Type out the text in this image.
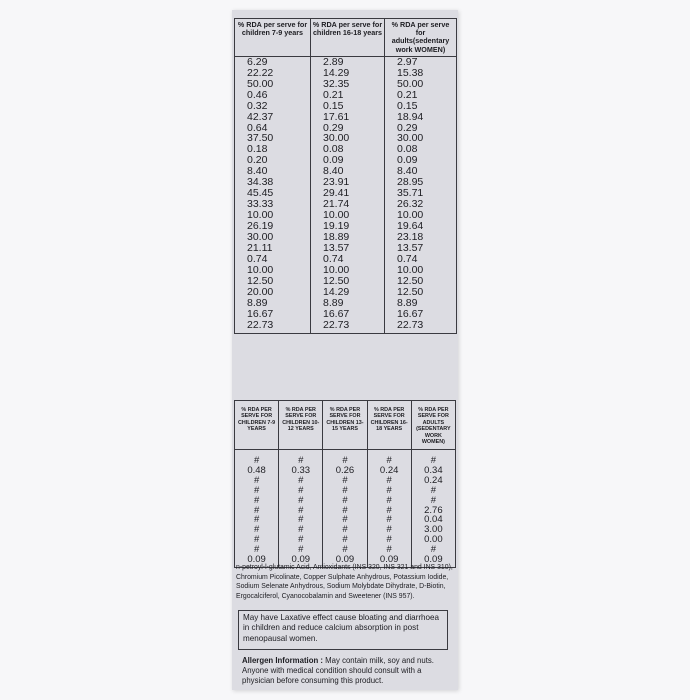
% RDA per serve for children 7-9 years	% RDA per serve for children 16-18 years	% RDA per serve for adults(sedentary work WOMEN)
6.29	2.89	2.97
22.22	14.29	15.38
50.00	32.35	50.00
0.46	0.21	0.21
0.32	0.15	0.15
42.37	17.61	18.94
0.64	0.29	0.29
37.50	30.00	30.00
0.18	0.08	0.08
0.20	0.09	0.09
8.40	8.40	8.40
34.38	23.91	28.95
45.45	29.41	35.71
33.33	21.74	26.32
10.00	10.00	10.00
26.19	19.19	19.64
30.00	18.89	23.18
21.11	13.57	13.57
0.74	0.74	0.74
10.00	10.00	10.00
12.50	12.50	12.50
20.00	14.29	12.50
8.89	8.89	8.89
16.67	16.67	16.67
22.73	22.73	22.73
% RDA PER SERVE FOR CHILDREN 7-9 YEARS	% RDA PER SERVE FOR CHILDREN 10-12 YEARS	% RDA PER SERVE FOR CHILDREN 13-15 YEARS	% RDA PER SERVE FOR CHILDREN 16-18 YEARS	% RDA PER SERVE FOR ADULTS (SEDENTARY WORK WOMEN)
#	#	#	#	#
0.48	0.33	0.26	0.24	0.34
#	#	#	#	0.24
#	#	#	#	#
#	#	#	#	#
#	#	#	#	2.76
#	#	#	#	0.04
#	#	#	#	3.00
#	#	#	#	0.00
#	#	#	#	#
0.09	0.09	0.09	0.09	0.09

n-petroyl-l-glutamic Acid, Antioxidants (INS 320, INS 321 and INS 310), Chromium Picolinate, Copper Sulphate Anhydrous, Potassium Iodide, Sodium Selenate Anhydrous, Sodium Molybdate Dihydrate, D-Biotin, Ergocalciferol, Cyanocobalamin and Sweetener (INS 957).

May have Laxative effect cause bloating and diarrhoea in children and reduce calcium absorption in post menopausal women.

Allergen Information : May contain milk, soy and nuts. Anyone with medical condition should consult with a physician before consuming this product.
